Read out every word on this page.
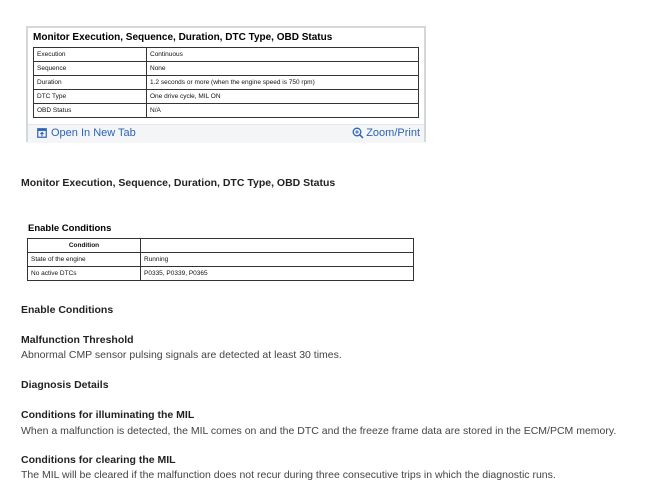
Monitor Execution, Sequence, Duration, DTC Type, OBD Status
Execution	Continuous
Sequence	None
Duration	1.2 seconds or more (when the engine speed is 750 rpm)
DTC Type	One drive cycle, MIL ON
OBD Status	N/A
Open In New Tab	Zoom/Print
Monitor Execution, Sequence, Duration, DTC Type, OBD Status
Enable Conditions
Condition	
State of the engine	Running
No active DTCs	P0335, P0339, P0365
Enable Conditions
Malfunction Threshold
Abnormal CMP sensor pulsing signals are detected at least 30 times.
Diagnosis Details
Conditions for illuminating the MIL
When a malfunction is detected, the MIL comes on and the DTC and the freeze frame data are stored in the ECM/PCM memory.
Conditions for clearing the MIL
The MIL will be cleared if the malfunction does not recur during three consecutive trips in which the diagnostic runs.
